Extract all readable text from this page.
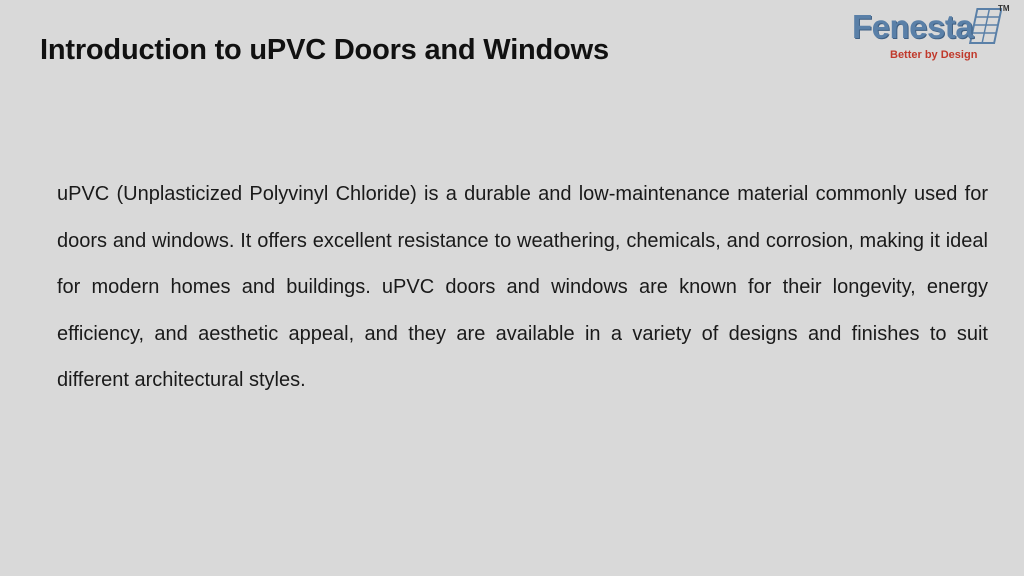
Introduction to uPVC Doors and Windows
Fenesta	TM
Better by Design

uPVC (Unplasticized Polyvinyl Chloride) is a durable and low-maintenance material commonly used for doors and windows. It offers excellent resistance to weathering, chemicals, and corrosion, making it ideal for modern homes and buildings. uPVC doors and windows are known for their longevity, energy efficiency, and aesthetic appeal, and they are available in a variety of designs and finishes to suit different architectural styles.
